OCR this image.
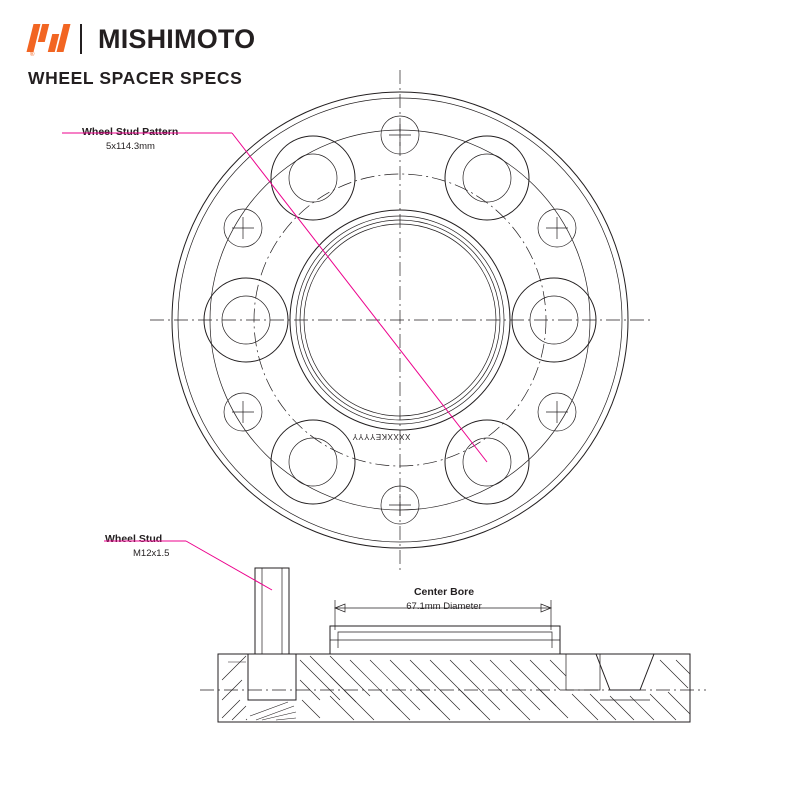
®
MISHIMOTO
WHEEL SPACER SPECS
Wheel Stud Pattern
5x114.3mm
Wheel Stud
M12x1.5
Center Bore
67.1mm Diameter
XXXXKEYYYY
